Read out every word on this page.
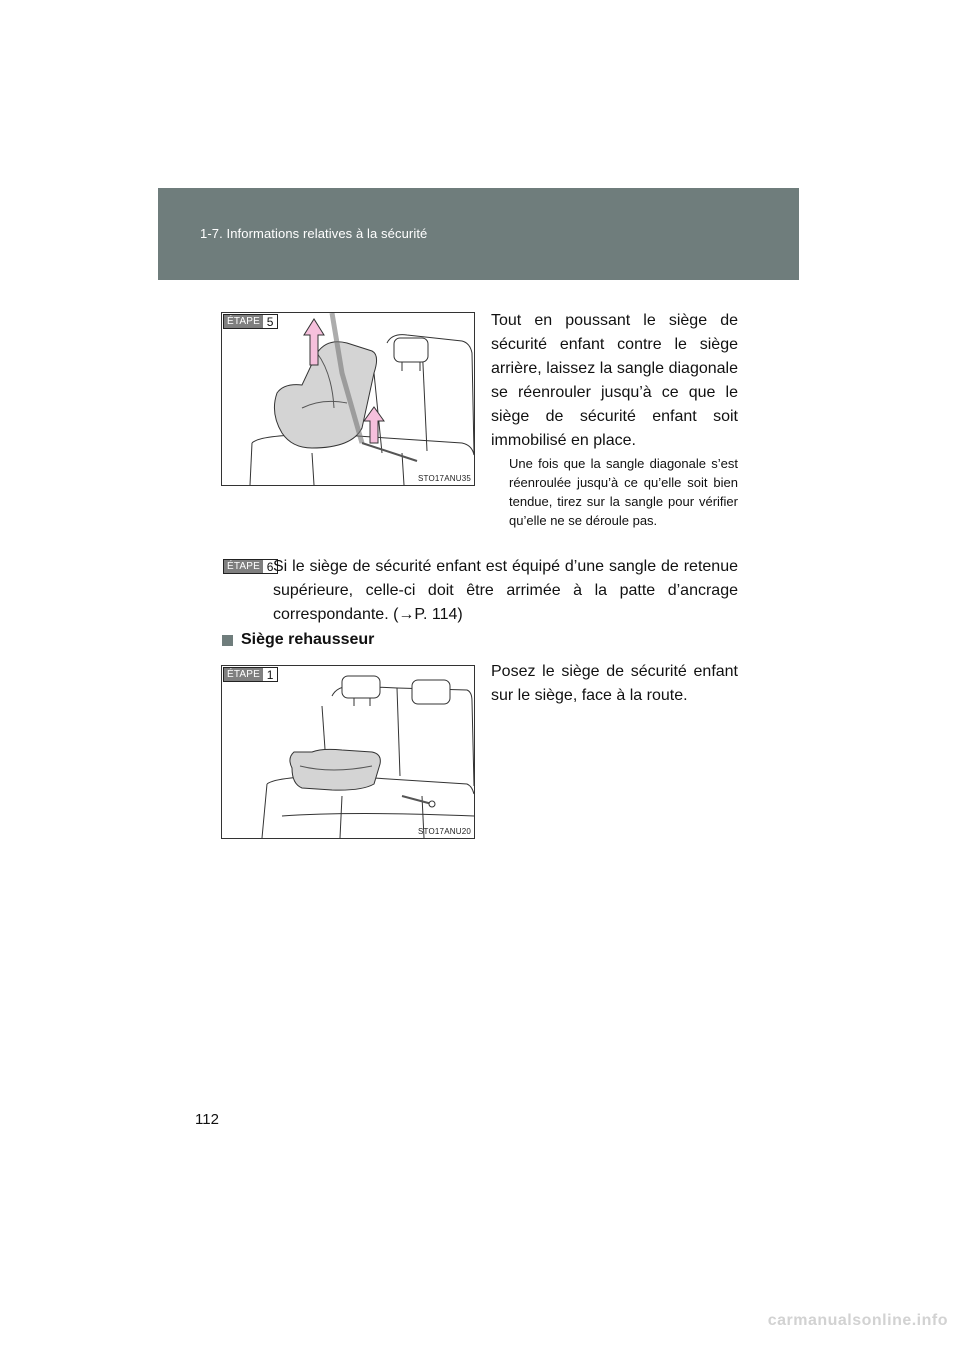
1-7. Informations relatives à la sécurité
ÉTAPE 5
STO17ANU35
Tout en poussant le siège de sécurité enfant contre le siège arrière, laissez la sangle diagonale se réenrouler jusqu’à ce que le siège de sécurité enfant soit immobilisé en place.
Une fois que la sangle diagonale s’est réenroulée jusqu’à ce qu’elle soit bien tendue, tirez sur la sangle pour vérifier qu’elle ne se déroule pas.
ÉTAPE 6 Si le siège de sécurité enfant est équipé d’une sangle de retenue supérieure, celle-ci doit être arrimée à la patte d’ancrage correspondante. (→P. 114)
Siège rehausseur
ÉTAPE 1
STO17ANU20
Posez le siège de sécurité enfant sur le siège, face à la route.
112
carmanualsonline.info
